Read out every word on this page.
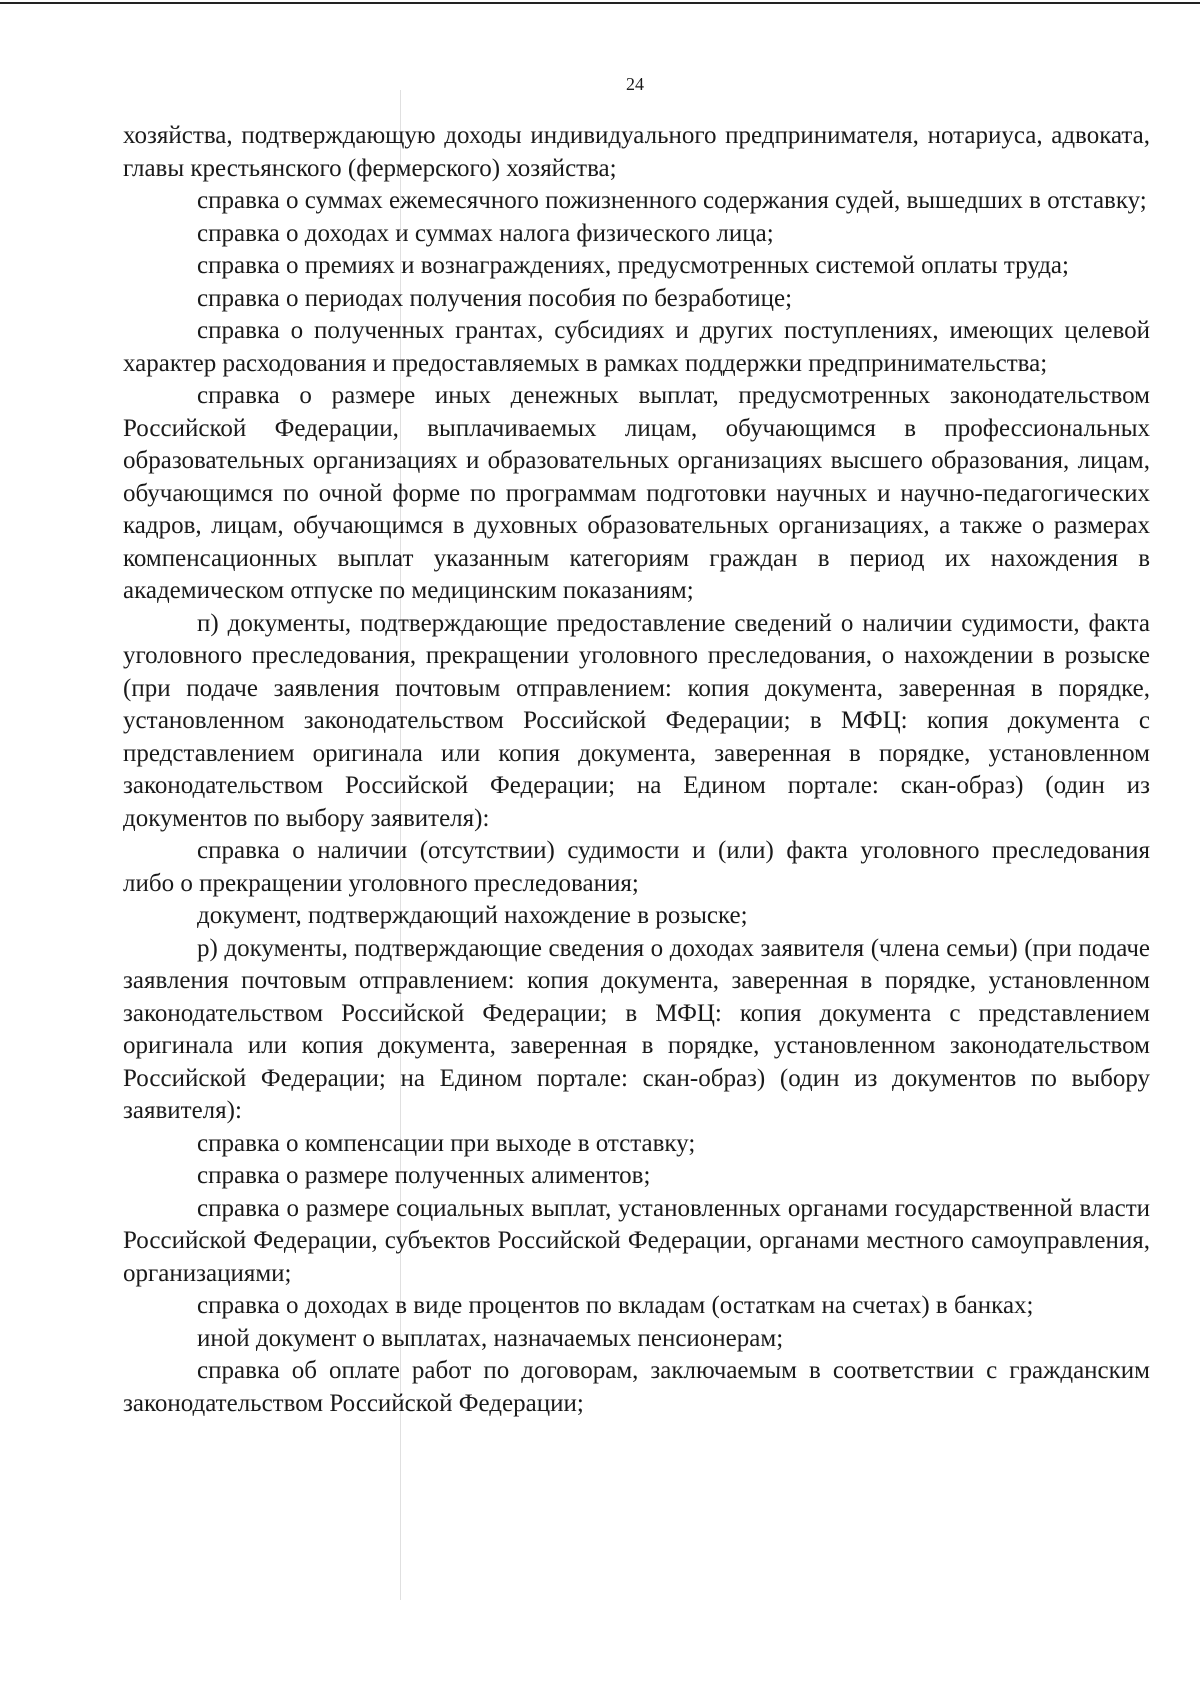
24

хозяйства, подтверждающую доходы индивидуального предпринимателя, нотариуса, адвоката, главы крестьянского (фермерского) хозяйства;

справка о суммах ежемесячного пожизненного содержания судей, вышедших в отставку;

справка о доходах и суммах налога физического лица;

справка о премиях и вознаграждениях, предусмотренных системой оплаты труда;

справка о периодах получения пособия по безработице;

справка о полученных грантах, субсидиях и других поступлениях, имеющих целевой характер расходования и предоставляемых в рамках поддержки предпринимательства;

справка о размере иных денежных выплат, предусмотренных законодательством Российской Федерации, выплачиваемых лицам, обучающимся в профессиональных образовательных организациях и образовательных организациях высшего образования, лицам, обучающимся по очной форме по программам подготовки научных и научно-педагогических кадров, лицам, обучающимся в духовных образовательных организациях, а также о размерах компенсационных выплат указанным категориям граждан в период их нахождения в академическом отпуске по медицинским показаниям;

п) документы, подтверждающие предоставление сведений о наличии судимости, факта уголовного преследования, прекращении уголовного преследования, о нахождении в розыске (при подаче заявления почтовым отправлением: копия документа, заверенная в порядке, установленном законодательством Российской Федерации; в МФЦ: копия документа с представлением оригинала или копия документа, заверенная в порядке, установленном законодательством Российской Федерации; на Едином портале: скан-образ) (один из документов по выбору заявителя):

справка о наличии (отсутствии) судимости и (или) факта уголовного преследования либо о прекращении уголовного преследования;

документ, подтверждающий нахождение в розыске;

р) документы, подтверждающие сведения о доходах заявителя (члена семьи) (при подаче заявления почтовым отправлением: копия документа, заверенная в порядке, установленном законодательством Российской Федерации; в МФЦ: копия документа с представлением оригинала или копия документа, заверенная в порядке, установленном законодательством Российской Федерации; на Едином портале: скан-образ) (один из документов по выбору заявителя):

справка о компенсации при выходе в отставку;

справка о размере полученных алиментов;

справка о размере социальных выплат, установленных органами государственной власти Российской Федерации, субъектов Российской Федерации, органами местного самоуправления, организациями;

справка о доходах в виде процентов по вкладам (остаткам на счетах) в банках;

иной документ о выплатах, назначаемых пенсионерам;

справка об оплате работ по договорам, заключаемым в соответствии с гражданским законодательством Российской Федерации;
